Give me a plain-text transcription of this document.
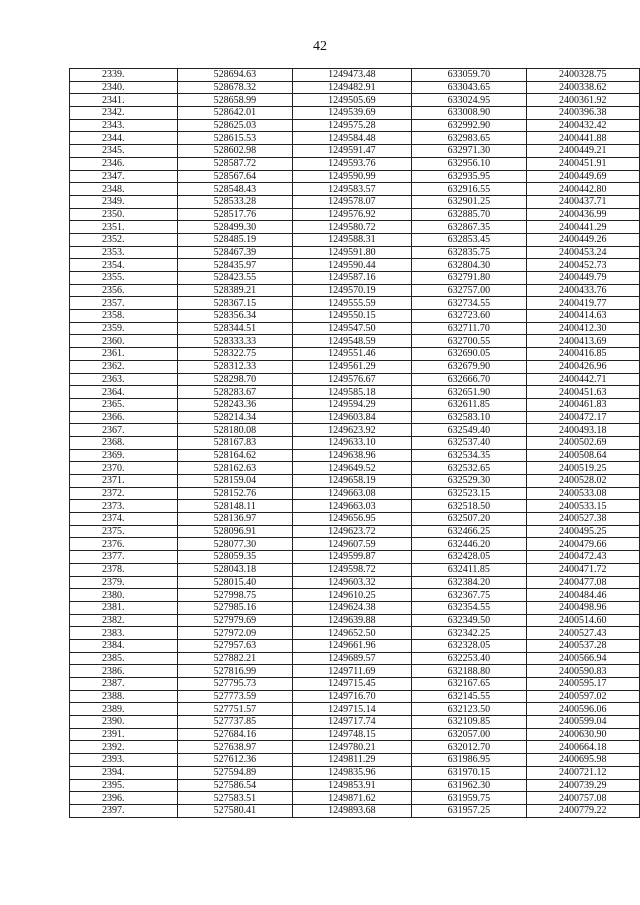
42
2339.	528694.63	1249473.48	633059.70	2400328.75
2340.	528678.32	1249482.91	633043.65	2400338.62
2341.	528658.99	1249505.69	633024.95	2400361.92
2342.	528642.01	1249539.69	633008.90	2400396.38
2343.	528625.03	1249575.28	632992.90	2400432.42
2344.	528615.53	1249584.48	632983.65	2400441.88
2345.	528602.98	1249591.47	632971.30	2400449.21
2346.	528587.72	1249593.76	632956.10	2400451.91
2347.	528567.64	1249590.99	632935.95	2400449.69
2348.	528548.43	1249583.57	632916.55	2400442.80
2349.	528533.28	1249578.07	632901.25	2400437.71
2350.	528517.76	1249576.92	632885.70	2400436.99
2351.	528499.30	1249580.72	632867.35	2400441.29
2352.	528485.19	1249588.31	632853.45	2400449.26
2353.	528467.39	1249591.80	632835.75	2400453.24
2354.	528435.97	1249590.44	632804.30	2400452.73
2355.	528423.55	1249587.16	632791.80	2400449.79
2356.	528389.21	1249570.19	632757.00	2400433.76
2357.	528367.15	1249555.59	632734.55	2400419.77
2358.	528356.34	1249550.15	632723.60	2400414.63
2359.	528344.51	1249547.50	632711.70	2400412.30
2360.	528333.33	1249548.59	632700.55	2400413.69
2361.	528322.75	1249551.46	632690.05	2400416.85
2362.	528312.33	1249561.29	632679.90	2400426.96
2363.	528298.70	1249576.67	632666.70	2400442.71
2364.	528283.67	1249585.18	632651.90	2400451.63
2365.	528243.36	1249594.29	632611.85	2400461.83
2366.	528214.34	1249603.84	632583.10	2400472.17
2367.	528180.08	1249623.92	632549.40	2400493.18
2368.	528167.83	1249633.10	632537.40	2400502.69
2369.	528164.62	1249638.96	632534.35	2400508.64
2370.	528162.63	1249649.52	632532.65	2400519.25
2371.	528159.04	1249658.19	632529.30	2400528.02
2372.	528152.76	1249663.08	632523.15	2400533.08
2373.	528148.11	1249663.03	632518.50	2400533.15
2374.	528136.97	1249656.95	632507.20	2400527.38
2375.	528096.91	1249623.72	632466.25	2400495.25
2376.	528077.30	1249607.59	632446.20	2400479.66
2377.	528059.35	1249599.87	632428.05	2400472.43
2378.	528043.18	1249598.72	632411.85	2400471.72
2379.	528015.40	1249603.32	632384.20	2400477.08
2380.	527998.75	1249610.25	632367.75	2400484.46
2381.	527985.16	1249624.38	632354.55	2400498.96
2382.	527979.69	1249639.88	632349.50	2400514.60
2383.	527972.09	1249652.50	632342.25	2400527.43
2384.	527957.63	1249661.96	632328.05	2400537.28
2385.	527882.21	1249689.57	632253.40	2400566.94
2386.	527816.99	1249711.69	632188.80	2400590.83
2387.	527795.73	1249715.45	632167.65	2400595.17
2388.	527773.59	1249716.70	632145.55	2400597.02
2389.	527751.57	1249715.14	632123.50	2400596.06
2390.	527737.85	1249717.74	632109.85	2400599.04
2391.	527684.16	1249748.15	632057.00	2400630.90
2392.	527638.97	1249780.21	632012.70	2400664.18
2393.	527612.36	1249811.29	631986.95	2400695.98
2394.	527594.89	1249835.96	631970.15	2400721.12
2395.	527586.54	1249853.91	631962.30	2400739.29
2396.	527583.51	1249871.62	631959.75	2400757.08
2397.	527580.41	1249893.68	631957.25	2400779.22
